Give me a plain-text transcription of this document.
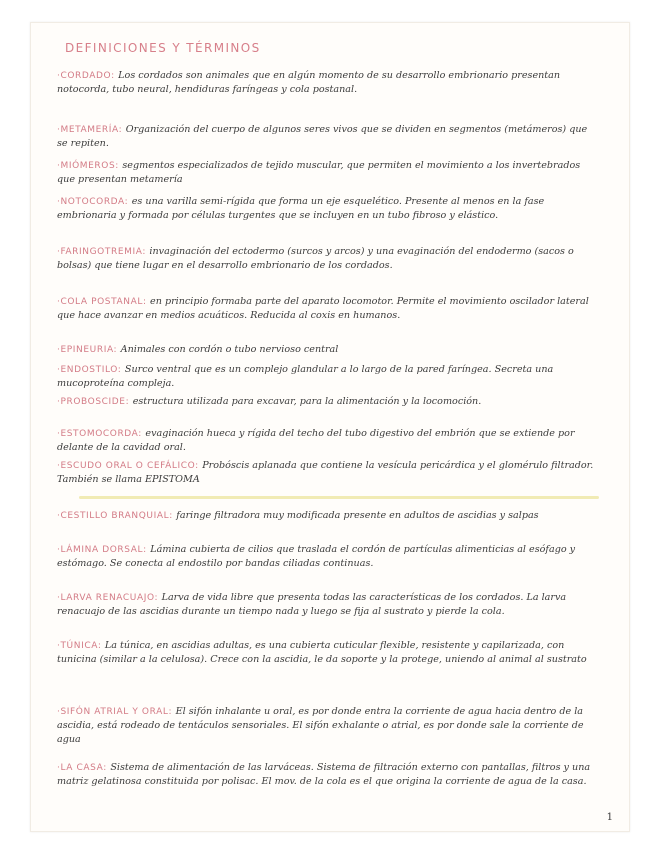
DEFINICIONES Y TÉRMINOS
·CORDADO: Los cordados son animales que en algún momento de su desarrollo embrionario presentan notocorda, tubo neural, hendiduras faríngeas y cola postanal.
·METAMERÍA: Organización del cuerpo de algunos seres vivos que se dividen en segmentos (metámeros) que se repiten.
·MIÓMEROS: segmentos especializados de tejido muscular, que permiten el movimiento a los invertebrados que presentan metamería
·NOTOCORDA: es una varilla semi-rígida que forma un eje esquelético. Presente al menos en la fase embrionaria y formada por células turgentes que se incluyen en un tubo fibroso y elástico.
·FARINGOTREMIA: invaginación del ectodermo (surcos y arcos) y una evaginación del endodermo (sacos o bolsas) que tiene lugar en el desarrollo embrionario de los cordados.
·COLA POSTANAL: en principio formaba parte del aparato locomotor. Permite el movimiento oscilador lateral que hace avanzar en medios acuáticos. Reducida al coxis en humanos.
·EPINEURIA: Animales con cordón o tubo nervioso central
·ENDOSTILO: Surco ventral que es un complejo glandular a lo largo de la pared faríngea. Secreta una mucoproteína compleja.
·PROBOSCIDE: estructura utilizada para excavar, para la alimentación y la locomoción.
·ESTOMOCORDA: evaginación hueca y rígida del techo del tubo digestivo del embrión que se extiende por delante de la cavidad oral.
·ESCUDO ORAL O CEFÁLICO: Probóscis aplanada que contiene la vesícula pericárdica y el glomérulo filtrador. También se llama EPISTOMA
·CESTILLO BRANQUIAL: faringe filtradora muy modificada presente en adultos de ascidias y salpas
·LÁMINA DORSAL: Lámina cubierta de cilios que traslada el cordón de partículas alimenticias al esófago y estómago. Se conecta al endostilo por bandas ciliadas continuas.
·LARVA RENACUAJO: Larva de vida libre que presenta todas las características de los cordados. La larva renacuajo de las ascidias durante un tiempo nada y luego se fija al sustrato y pierde la cola.
·TÚNICA: La túnica, en ascidias adultas, es una cubierta cuticular flexible, resistente y capilarizada, con tunicina (similar a la celulosa). Crece con la ascidia, le da soporte y la protege, uniendo al animal al sustrato
·SIFÓN ATRIAL Y ORAL: El sifón inhalante u oral, es por donde entra la corriente de agua hacia dentro de la ascidia, está rodeado de tentáculos sensoriales. El sifón exhalante o atrial, es por donde sale la corriente de agua
·LA CASA: Sistema de alimentación de las larváceas. Sistema de filtración externo con pantallas, filtros y una matriz gelatinosa constituida por polisac. El mov. de la cola es el que origina la corriente de agua de la casa.
1
